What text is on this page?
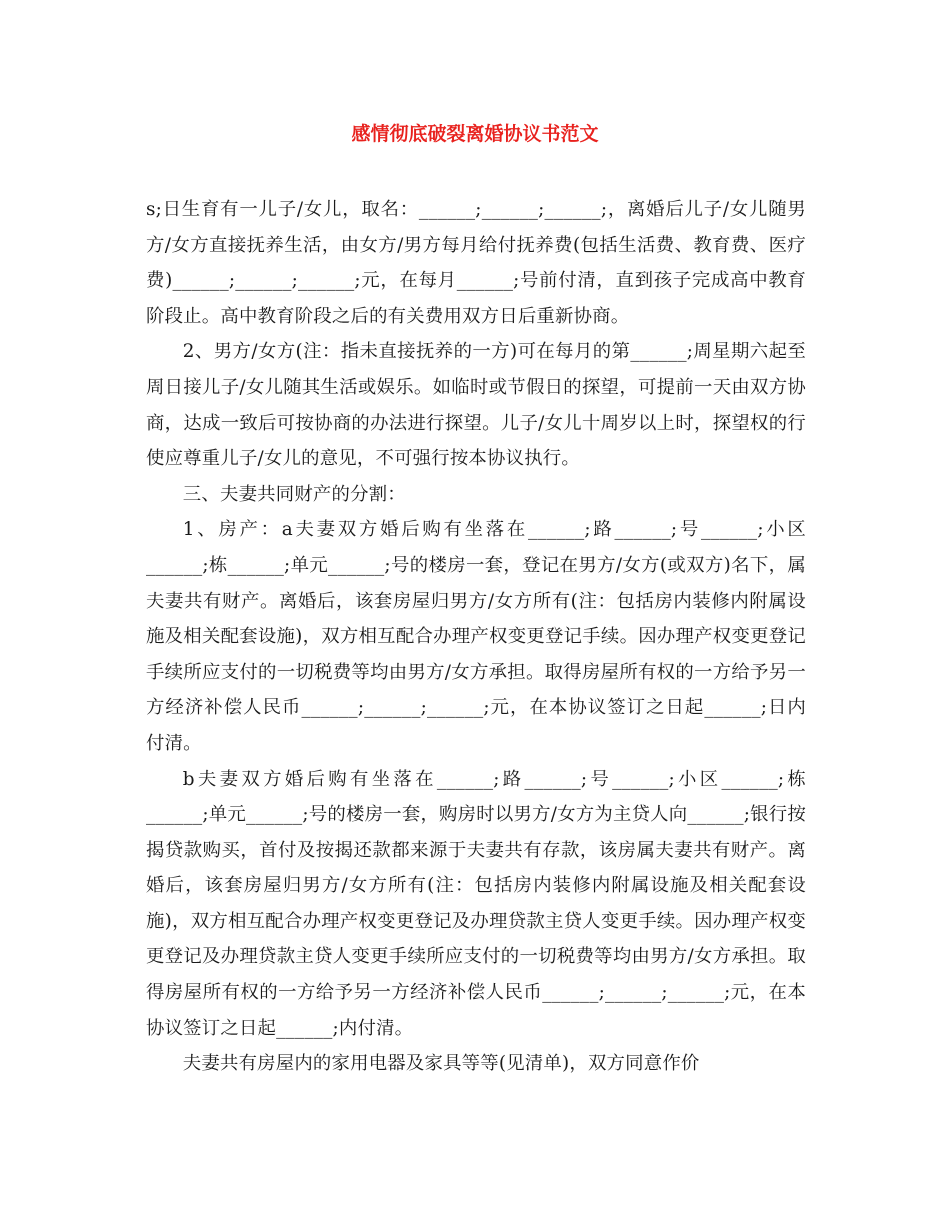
感情彻底破裂离婚协议书范文

s;日生育有一儿子/女儿，取名：______;______;______;，离婚后儿子/女儿随男方/女方直接抚养生活，由女方/男方每月给付抚养费(包括生活费、教育费、医疗费)______;______;______;元，在每月______;号前付清，直到孩子完成高中教育阶段止。高中教育阶段之后的有关费用双方日后重新协商。

2、男方/女方(注：指未直接抚养的一方)可在每月的第______;周星期六起至周日接儿子/女儿随其生活或娱乐。如临时或节假日的探望，可提前一天由双方协商，达成一致后可按协商的办法进行探望。儿子/女儿十周岁以上时，探望权的行使应尊重儿子/女儿的意见，不可强行按本协议执行。

三、夫妻共同财产的分割：

1、房产：a夫妻双方婚后购有坐落在______;路______;号______;小区______;栋______;单元______;号的楼房一套，登记在男方/女方(或双方)名下，属夫妻共有财产。离婚后，该套房屋归男方/女方所有(注：包括房内装修内附属设施及相关配套设施)，双方相互配合办理产权变更登记手续。因办理产权变更登记手续所应支付的一切税费等均由男方/女方承担。取得房屋所有权的一方给予另一方经济补偿人民币______;______;______;元，在本协议签订之日起______;日内付清。

b夫妻双方婚后购有坐落在______;路______;号______;小区______;栋______;单元______;号的楼房一套，购房时以男方/女方为主贷人向______;银行按揭贷款购买，首付及按揭还款都来源于夫妻共有存款，该房属夫妻共有财产。离婚后，该套房屋归男方/女方所有(注：包括房内装修内附属设施及相关配套设施)，双方相互配合办理产权变更登记及办理贷款主贷人变更手续。因办理产权变更登记及办理贷款主贷人变更手续所应支付的一切税费等均由男方/女方承担。取得房屋所有权的一方给予另一方经济补偿人民币______;______;______;元，在本协议签订之日起______;内付清。

夫妻共有房屋内的家用电器及家具等等(见清单)，双方同意作价
